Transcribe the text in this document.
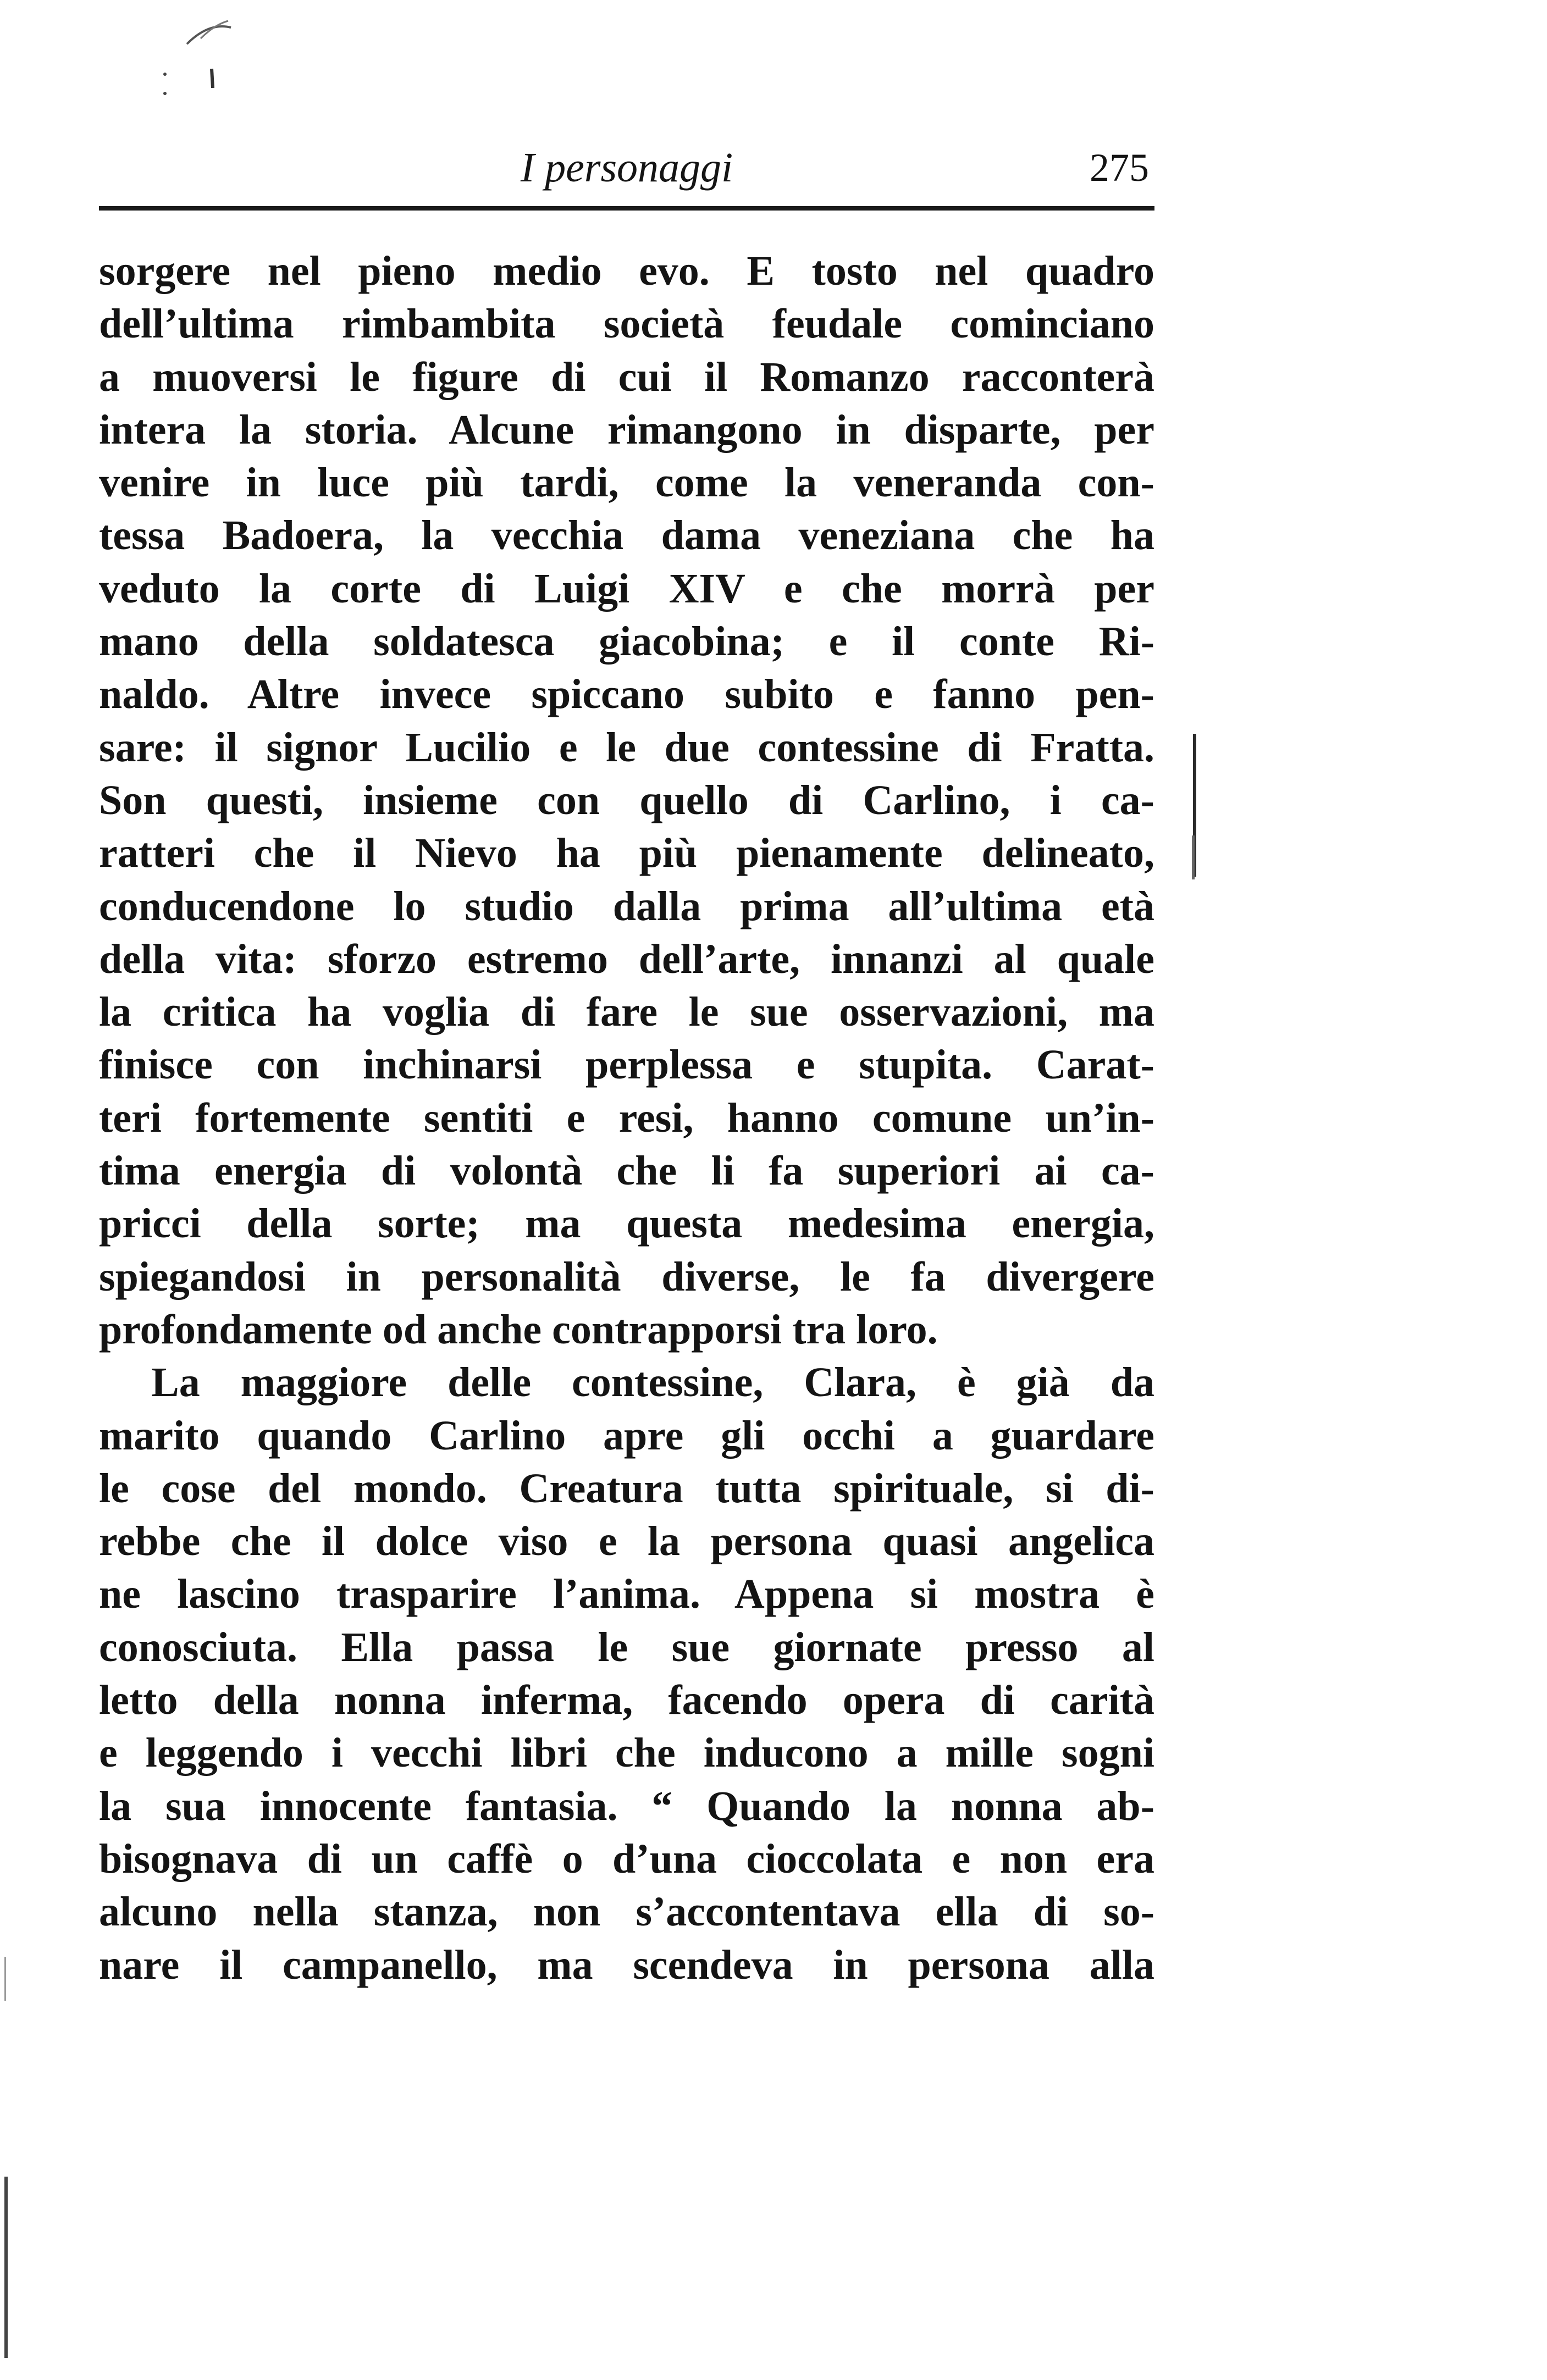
I personaggi	275
sorgere nel pieno medio evo. E tosto nel quadro
dell’ultima rimbambita società feudale cominciano
a muoversi le figure di cui il Romanzo racconterà
intera la storia. Alcune rimangono in disparte, per
venire in luce più tardi, come la veneranda con-
tessa Badoera, la vecchia dama veneziana che ha
veduto la corte di Luigi XIV e che morrà per
mano della soldatesca giacobina; e il conte Ri-
naldo. Altre invece spiccano subito e fanno pen-
sare: il signor Lucilio e le due contessine di Fratta.
Son questi, insieme con quello di Carlino, i ca-
ratteri che il Nievo ha più pienamente delineato,
conducendone lo studio dalla prima all’ultima età
della vita: sforzo estremo dell’arte, innanzi al quale
la critica ha voglia di fare le sue osservazioni, ma
finisce con inchinarsi perplessa e stupita. Carat-
teri fortemente sentiti e resi, hanno comune un’in-
tima energia di volontà che li fa superiori ai ca-
pricci della sorte; ma questa medesima energia,
spiegandosi in personalità diverse, le fa divergere
profondamente od anche contrapporsi tra loro.
La maggiore delle contessine, Clara, è già da
marito quando Carlino apre gli occhi a guardare
le cose del mondo. Creatura tutta spirituale, si di-
rebbe che il dolce viso e la persona quasi angelica
ne lascino trasparire l’anima. Appena si mostra è
conosciuta. Ella passa le sue giornate presso al
letto della nonna inferma, facendo opera di carità
e leggendo i vecchi libri che inducono a mille sogni
la sua innocente fantasia. “ Quando la nonna ab-
bisognava di un caffè o d’una cioccolata e non era
alcuno nella stanza, non s’accontentava ella di so-
nare il campanello, ma scendeva in persona alla
